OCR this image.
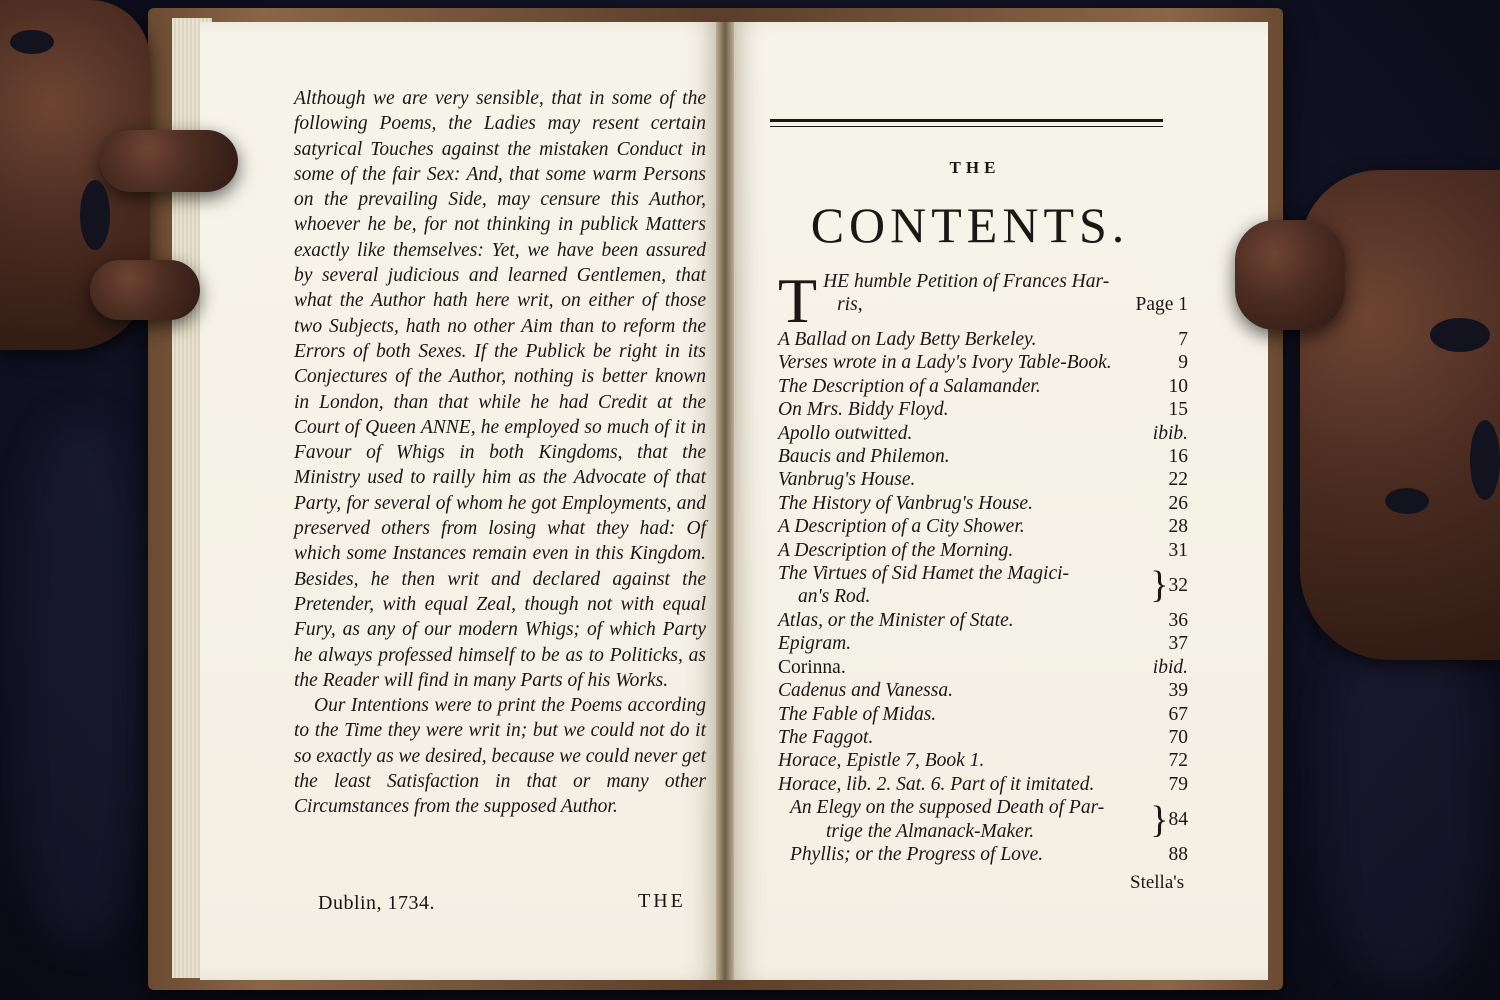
Although we are very sensible, that in some of the following Poems, the Ladies may resent certain satyrical Touches against the mistaken Conduct in some of the fair Sex: And, that some warm Persons on the prevailing Side, may censure this Author, whoever he be, for not thinking in publick Matters exactly like themselves: Yet, we have been assured by several judicious and learned Gentlemen, that what the Author hath here writ, on either of those two Subjects, hath no other Aim than to reform the Errors of both Sexes. If the Publick be right in its Conjectures of the Author, nothing is better known in London, than that while he had Credit at the Court of Queen ANNE, he employed so much of it in Favour of Whigs in both Kingdoms, that the Ministry used to railly him as the Advocate of that Party, for several of whom he got Employments, and preserved others from losing what they had: Of which some Instances remain even in this Kingdom. Besides, he then writ and declared against the Pretender, with equal Zeal, though not with equal Fury, as any of our modern Whigs; of which Party he always professed himself to be as to Politicks, as the Reader will find in many Parts of his Works.

Our Intentions were to print the Poems according to the Time they were writ in; but we could not do it so exactly as we desired, because we could never get the least Satisfaction in that or many other Circumstances from the supposed Author.

Dublin, 1734.	THE
THE
CONTENTS.
T HE humble Petition of Frances Har-
ris,	Page 1
A Ballad on Lady Betty Berkeley.	7
Verses wrote in a Lady's Ivory Table-Book.	9
The Description of a Salamander.	10
On Mrs. Biddy Floyd.	15
Apollo outwitted.	ibib.
Baucis and Philemon.	16
Vanbrug's House.	22
The History of Vanbrug's House.	26
A Description of a City Shower.	28
A Description of the Morning.	31
The Virtues of Sid Hamet the Magici-
an's Rod.	} 32
Atlas, or the Minister of State.	36
Epigram.	37
Corinna.	ibid.
Cadenus and Vanessa.	39
The Fable of Midas.	67
The Faggot.	70
Horace, Epistle 7, Book 1.	72
Horace, lib. 2. Sat. 6. Part of it imitated.	79
An Elegy on the supposed Death of Par-
trige the Almanack-Maker.	} 84
Phyllis; or the Progress of Love.	88
Stella's
